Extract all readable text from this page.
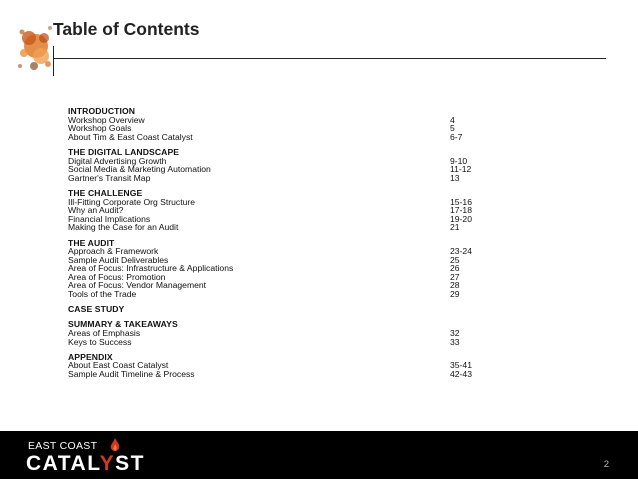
Table of Contents
INTRODUCTION
Workshop Overview	4
Workshop Goals	5
About Tim & East Coast Catalyst	6-7
THE DIGITAL LANDSCAPE
Digital Advertising Growth	9-10
Social Media & Marketing Automation	11-12
Gartner's Transit Map	13
THE CHALLENGE
Ill-Fitting Corporate Org Structure	15-16
Why an Audit?	17-18
Financial Implications	19-20
Making the Case for an Audit	21
THE AUDIT
Approach & Framework	23-24
Sample Audit Deliverables	25
Area of Focus: Infrastructure & Applications	26
Area of Focus: Promotion	27
Area of Focus: Vendor Management	28
Tools of the Trade	29
CASE STUDY
SUMMARY & TAKEAWAYS
Areas of Emphasis	32
Keys to Success	33
APPENDIX
About East Coast Catalyst	35-41
Sample Audit Timeline & Process	42-43
EAST COAST
CATALYST	2
